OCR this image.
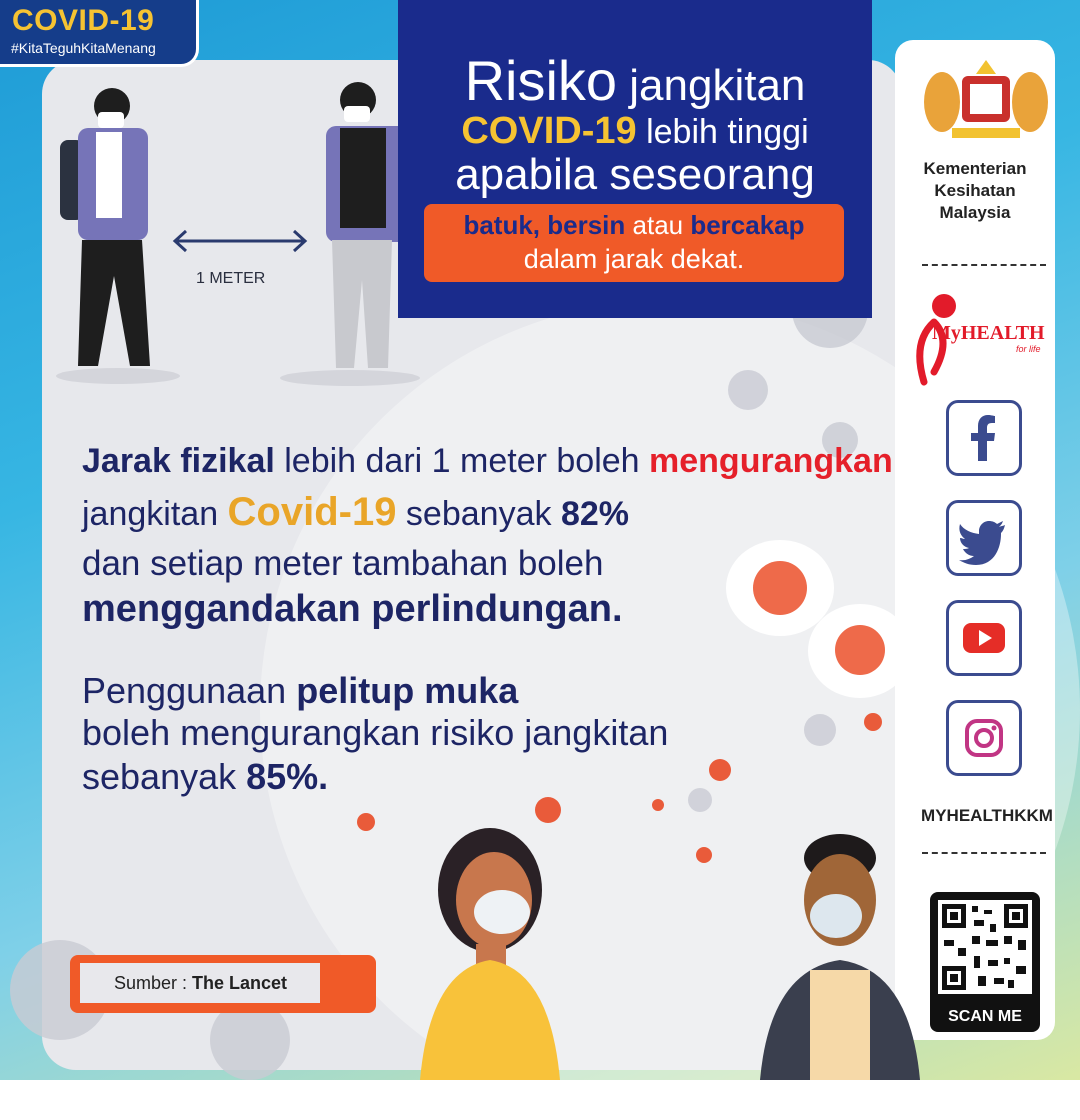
1 METER
COVID-19
#KitaTeguhKitaMenang
Risiko jangkitan
COVID-19 lebih tinggi
apabila seseorang
batuk, bersin atau bercakap
dalam jarak dekat.
Jarak fizikal lebih dari 1 meter boleh mengurangkan
jangkitan Covid-19 sebanyak 82%
dan setiap meter tambahan boleh
menggandakan perlindungan.
Penggunaan pelitup muka
boleh mengurangkan risiko jangkitan
sebanyak 85%.
Sumber : The Lancet
Kementerian
Kesihatan
Malaysia
MyHEALTH
for life
MYHEALTHKKM
SCAN ME
